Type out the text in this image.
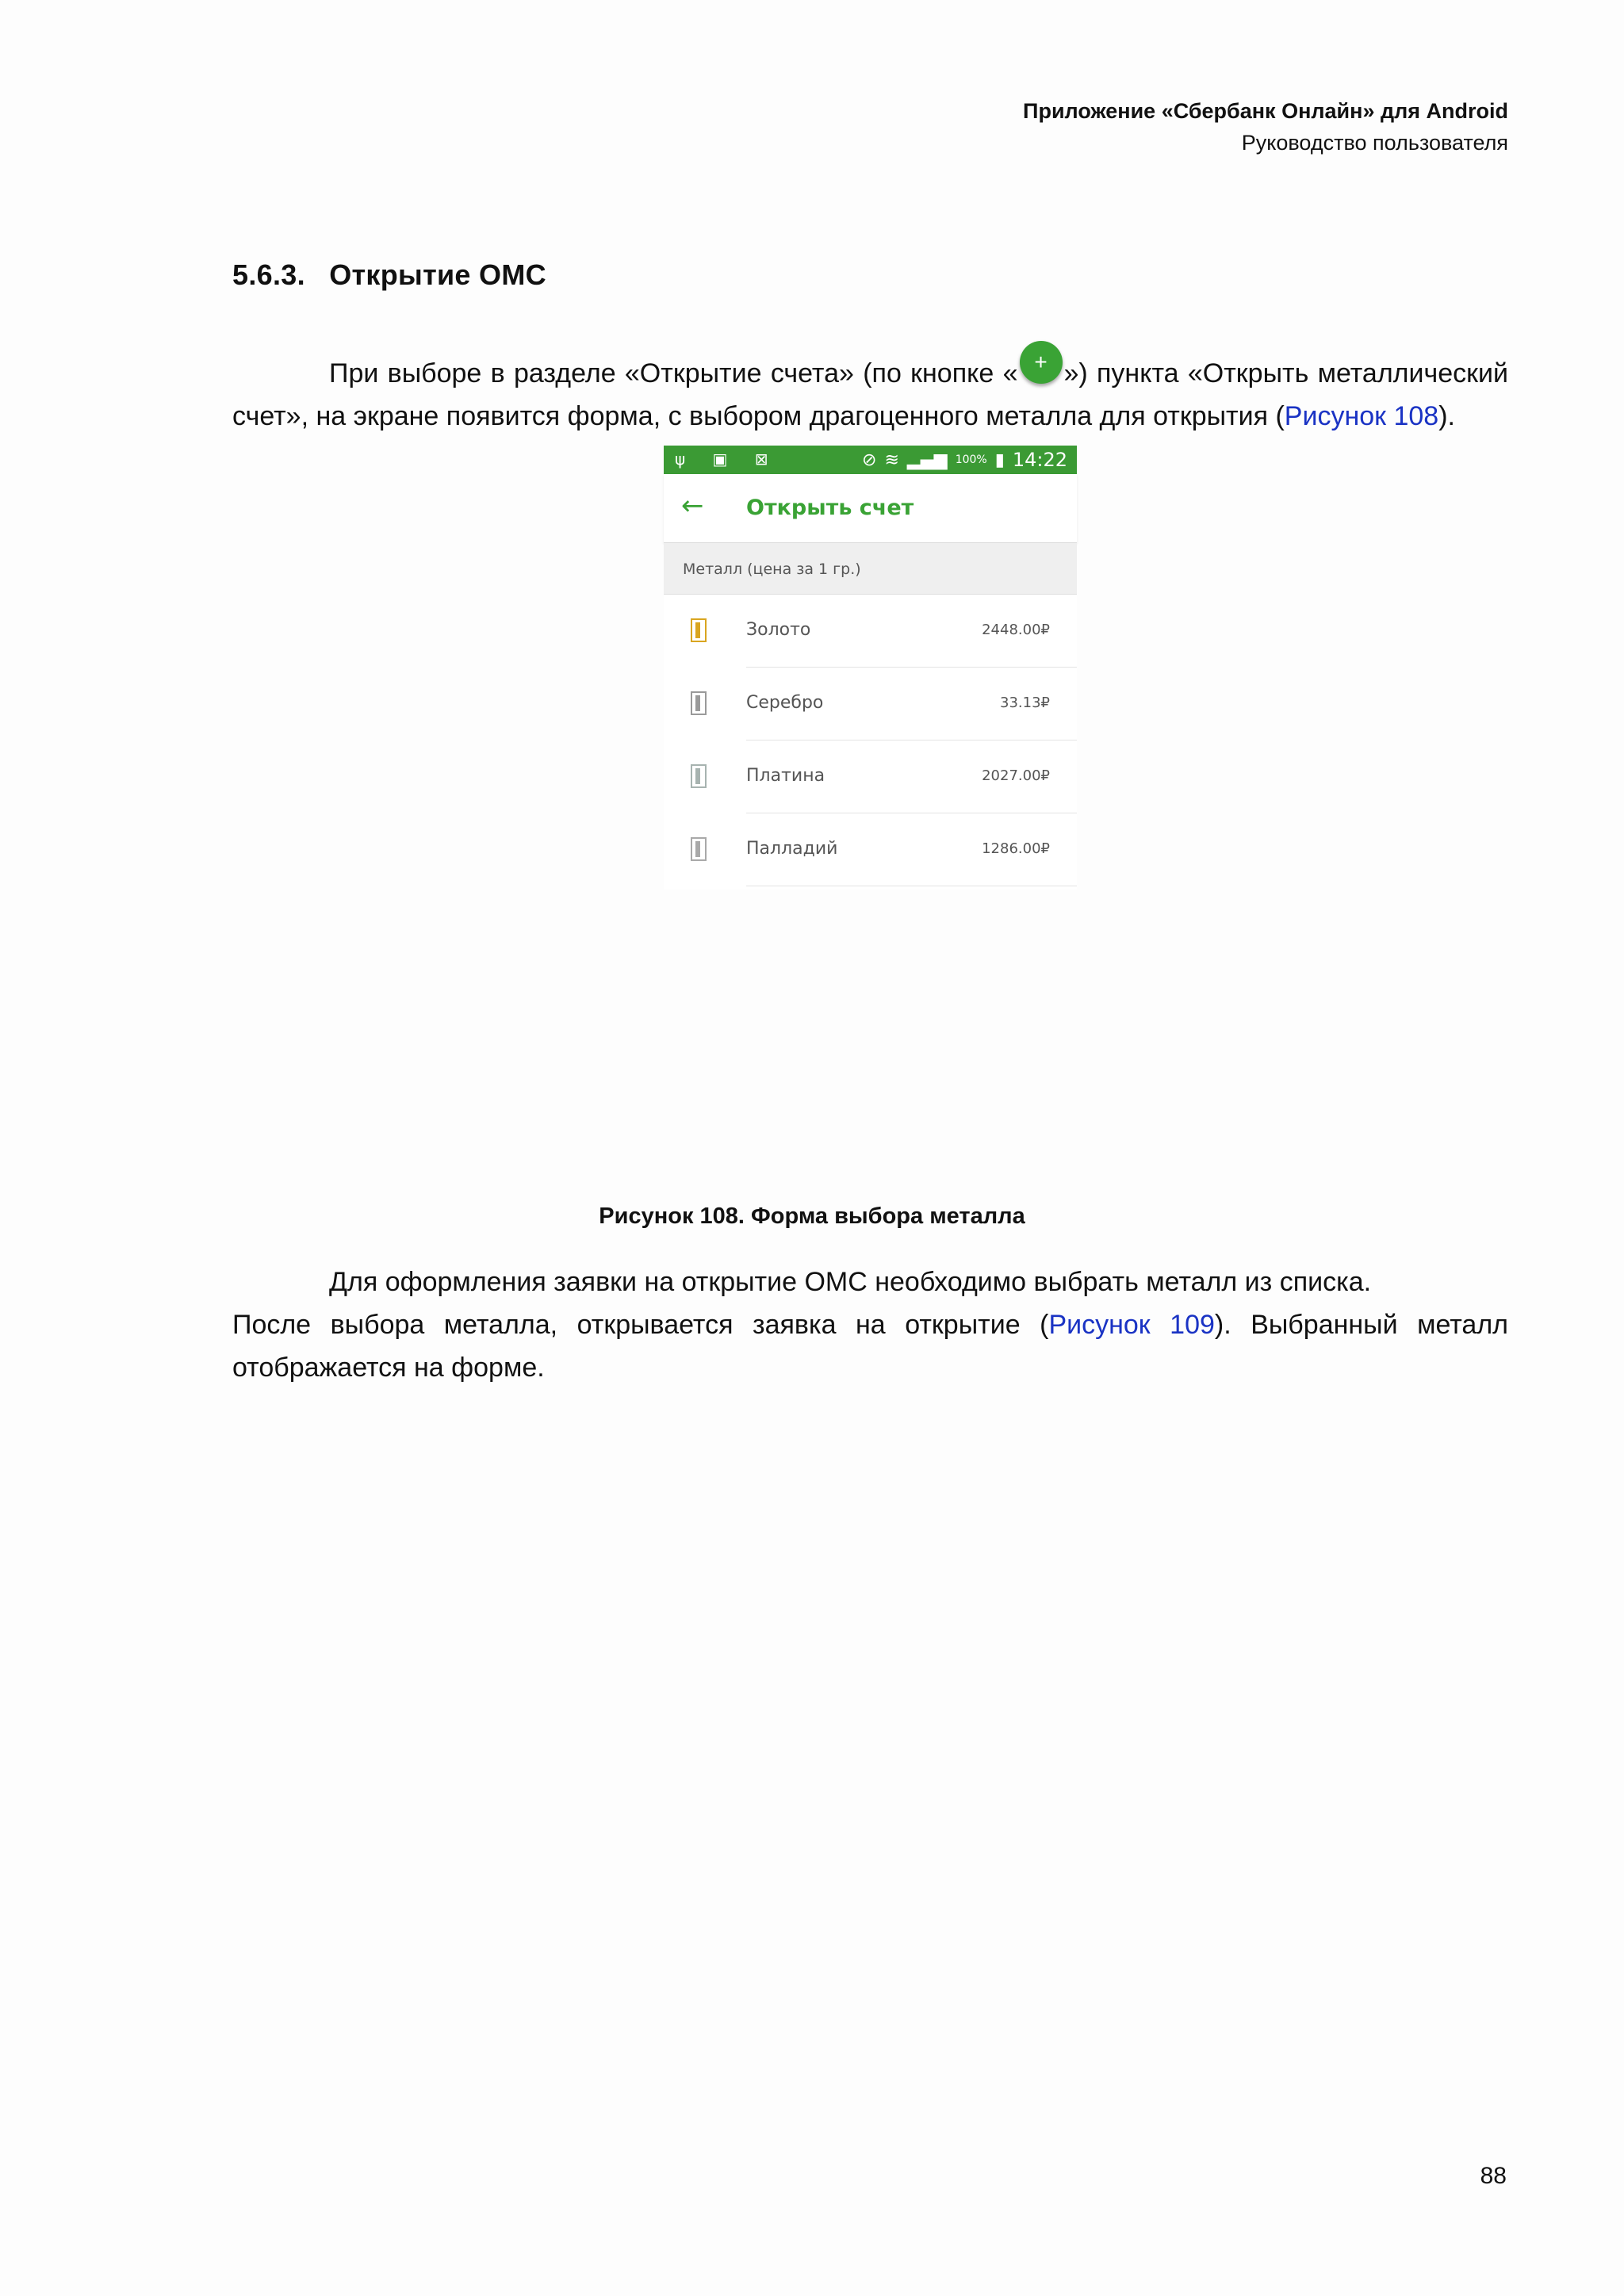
Приложение «Сбербанк Онлайн» для Android
Руководство пользователя
5.6.3. Открытие ОМС
При выборе в разделе «Открытие счета» (по кнопке « + ») пункта «Открыть металлический счет», на экране появится форма, с выбором драгоценного металла для открытия (Рисунок 108).
ψ ▣ ⊠	⊘ ≋ ▂▄▆ 100% ▮ 14:22
← Открыть счет
Металл (цена за 1 гр.)
Золото	2448.00₽
Серебро	33.13₽
Платина	2027.00₽
Палладий	1286.00₽
Рисунок 108. Форма выбора металла
Для оформления заявки на открытие ОМС необходимо выбрать металл из списка.
После выбора металла, открывается заявка на открытие (Рисунок 109). Выбранный металл отображается на форме.
88
